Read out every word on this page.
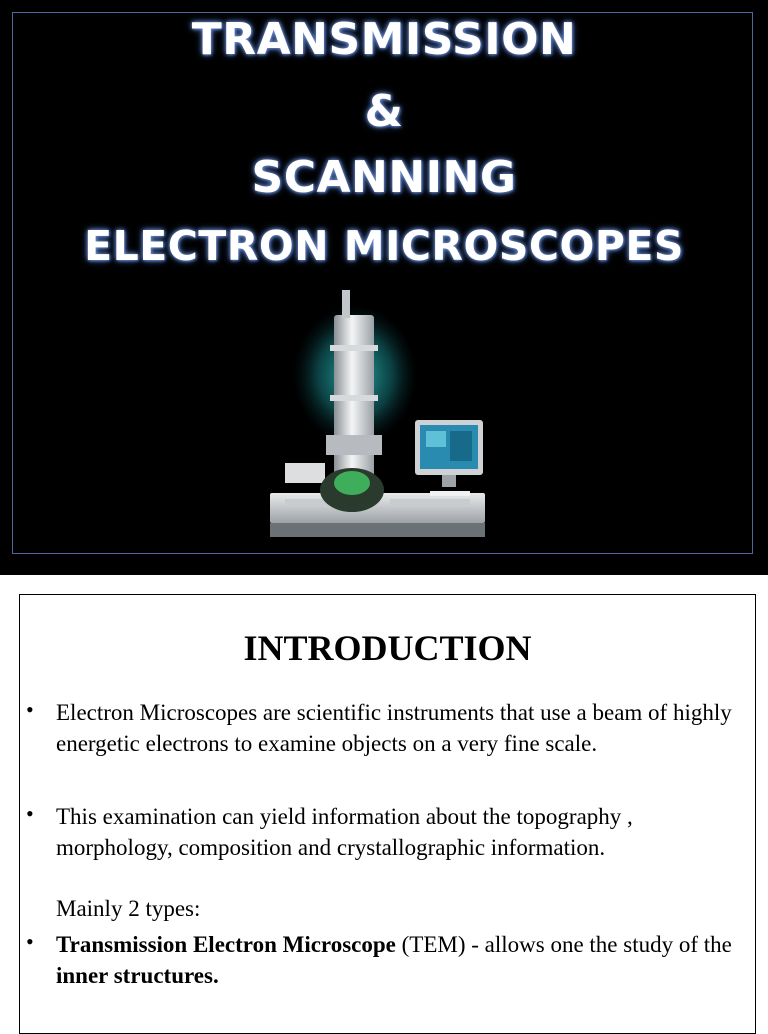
TRANSMISSION
&
SCANNING
ELECTRON MICROSCOPES
INTRODUCTION
• Electron Microscopes are scientific instruments that use a beam of highly energetic electrons to examine objects on a very fine scale.
• This examination can yield information about the topography , morphology, composition and crystallographic information.
Mainly 2 types:
• Transmission Electron Microscope (TEM) - allows one the study of the inner structures.
